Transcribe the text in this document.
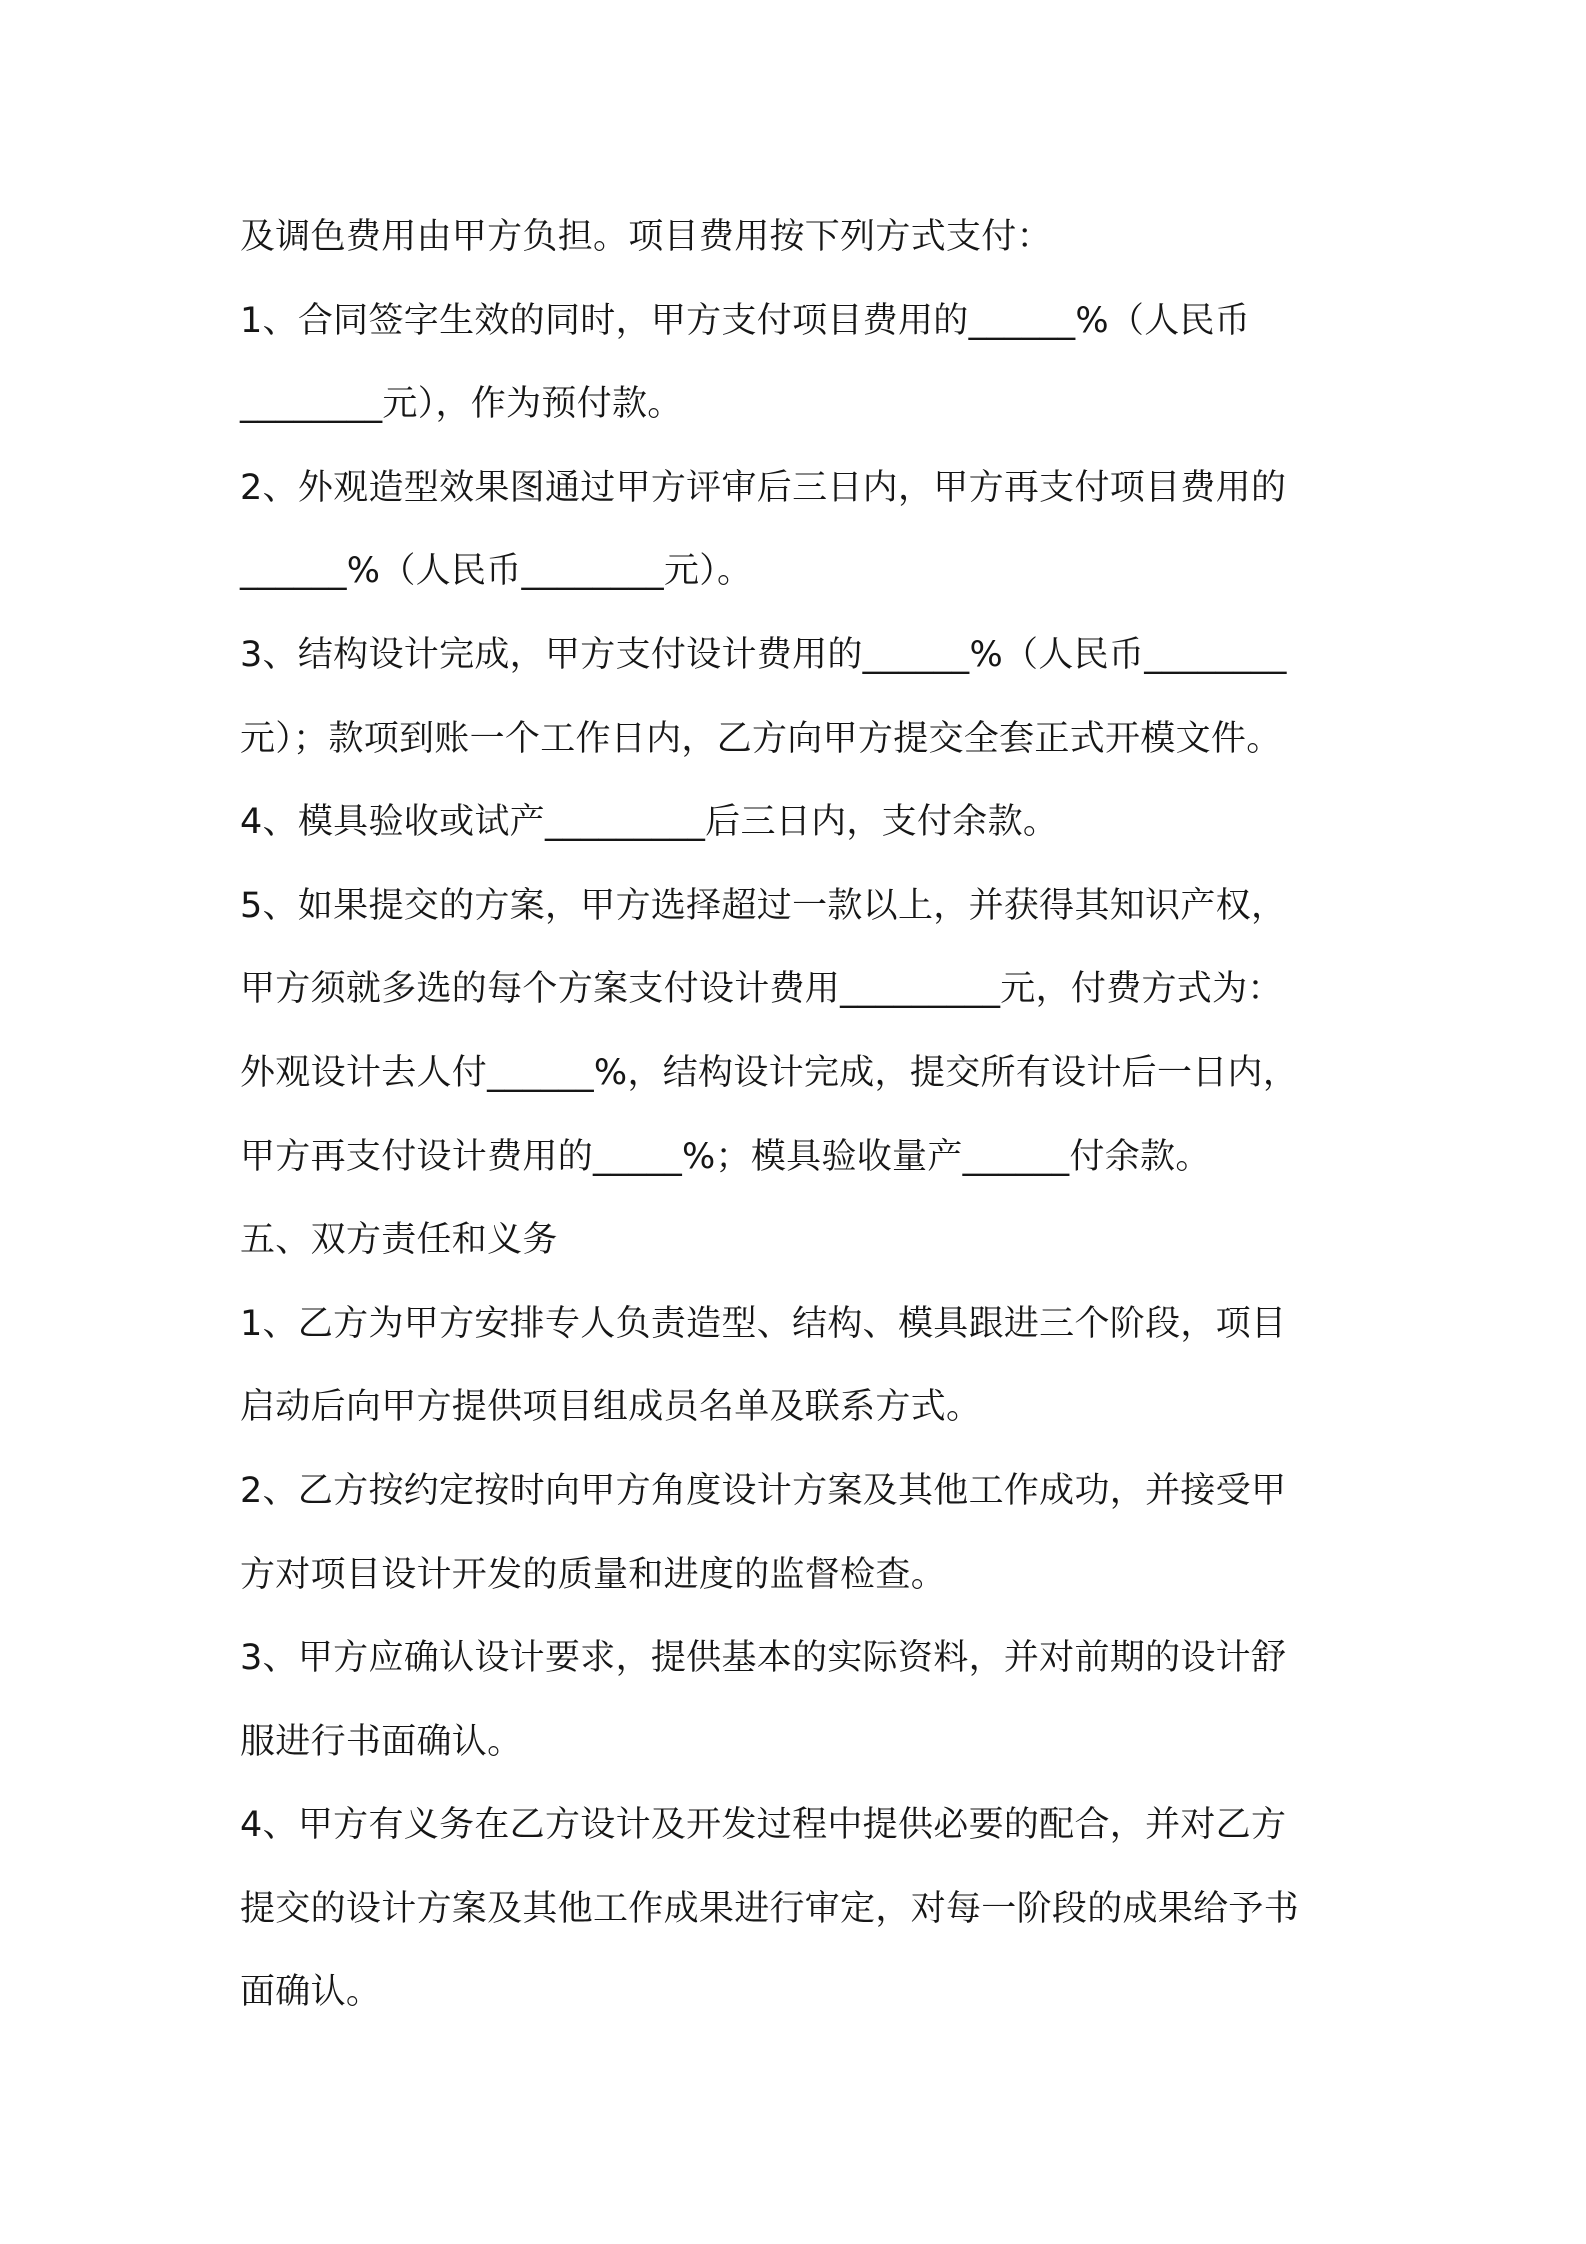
及调色费用由甲方负担。项目费用按下列方式支付：
1、合同签字生效的同时，甲方支付项目费用的______%（人民币
________元），作为预付款。
2、外观造型效果图通过甲方评审后三日内，甲方再支付项目费用的
______%（人民币________元）。
3、结构设计完成，甲方支付设计费用的______%（人民币________
元）；款项到账一个工作日内，乙方向甲方提交全套正式开模文件。
4、模具验收或试产_________后三日内，支付余款。
5、如果提交的方案，甲方选择超过一款以上，并获得其知识产权，
甲方须就多选的每个方案支付设计费用_________元，付费方式为：
外观设计去人付______%，结构设计完成，提交所有设计后一日内，
甲方再支付设计费用的_____%；模具验收量产______付余款。
五、双方责任和义务
1、乙方为甲方安排专人负责造型、结构、模具跟进三个阶段，项目
启动后向甲方提供项目组成员名单及联系方式。
2、乙方按约定按时向甲方角度设计方案及其他工作成功，并接受甲
方对项目设计开发的质量和进度的监督检查。
3、甲方应确认设计要求，提供基本的实际资料，并对前期的设计舒
服进行书面确认。
4、甲方有义务在乙方设计及开发过程中提供必要的配合，并对乙方
提交的设计方案及其他工作成果进行审定，对每一阶段的成果给予书
面确认。
